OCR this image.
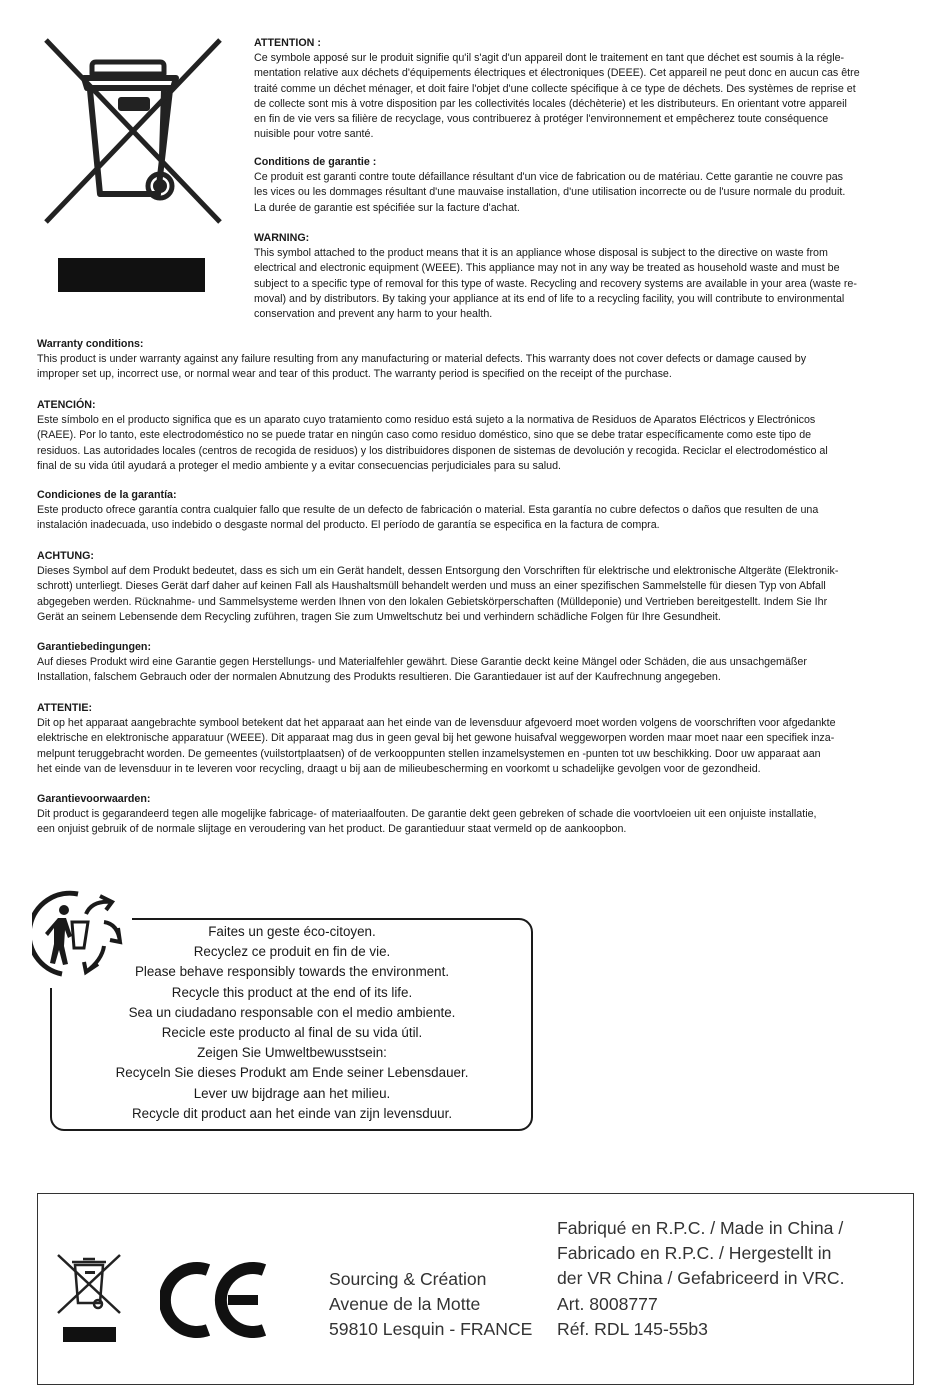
ATTENTION :

Ce symbole apposé sur le produit signifie qu'il s'agit d'un appareil dont le traitement en tant que déchet est soumis à la régle-
mentation relative aux déchets d'équipements électriques et électroniques (DEEE). Cet appareil ne peut donc en aucun cas être
traité comme un déchet ménager, et doit faire l'objet d'une collecte spécifique à ce type de déchets. Des systèmes de reprise et
de collecte sont mis à votre disposition par les collectivités locales (déchèterie) et les distributeurs. En orientant votre appareil
en fin de vie vers sa filière de recyclage, vous contribuerez à protéger l'environnement et empêcherez toute conséquence
nuisible pour votre santé.

Conditions de garantie :

Ce produit est garanti contre toute défaillance résultant d'un vice de fabrication ou de matériau. Cette garantie ne couvre pas
les vices ou les dommages résultant d'une mauvaise installation, d'une utilisation incorrecte ou de l'usure normale du produit.
La durée de garantie est spécifiée sur la facture d'achat.

WARNING:

This symbol attached to the product means that it is an appliance whose disposal is subject to the directive on waste from
electrical and electronic equipment (WEEE). This appliance may not in any way be treated as household waste and must be
subject to a specific type of removal for this type of waste. Recycling and recovery systems are available in your area (waste re-
moval) and by distributors. By taking your appliance at its end of life to a recycling facility, you will contribute to environmental
conservation and prevent any harm to your health.

Warranty conditions:

This product is under warranty against any failure resulting from any manufacturing or material defects. This warranty does not cover defects or damage caused by
improper set up, incorrect use, or normal wear and tear of this product. The warranty period is specified on the receipt of the purchase.

ATENCIÓN:

Este símbolo en el producto significa que es un aparato cuyo tratamiento como residuo está sujeto a la normativa de Residuos de Aparatos Eléctricos y Electrónicos
(RAEE). Por lo tanto, este electrodoméstico no se puede tratar en ningún caso como residuo doméstico, sino que se debe tratar específicamente como este tipo de
residuos. Las autoridades locales (centros de recogida de residuos) y los distribuidores disponen de sistemas de devolución y recogida. Reciclar el electrodoméstico al
final de su vida útil ayudará a proteger el medio ambiente y a evitar consecuencias perjudiciales para su salud.

Condiciones de la garantía:

Este producto ofrece garantía contra cualquier fallo que resulte de un defecto de fabricación o material. Esta garantía no cubre defectos o daños que resulten de una
instalación inadecuada, uso indebido o desgaste normal del producto. El período de garantía se especifica en la factura de compra.

ACHTUNG:

Dieses Symbol auf dem Produkt bedeutet, dass es sich um ein Gerät handelt, dessen Entsorgung den Vorschriften für elektrische und elektronische Altgeräte (Elektronik-
schrott) unterliegt. Dieses Gerät darf daher auf keinen Fall als Haushaltsmüll behandelt werden und muss an einer spezifischen Sammelstelle für diesen Typ von Abfall
abgegeben werden. Rücknahme- und Sammelsysteme werden Ihnen von den lokalen Gebietskörperschaften (Mülldeponie) und Vertrieben bereitgestellt. Indem Sie Ihr
Gerät an seinem Lebensende dem Recycling zuführen, tragen Sie zum Umweltschutz bei und verhindern schädliche Folgen für Ihre Gesundheit.

Garantiebedingungen:

Auf dieses Produkt wird eine Garantie gegen Herstellungs- und Materialfehler gewährt. Diese Garantie deckt keine Mängel oder Schäden, die aus unsachgemäßer
Installation, falschem Gebrauch oder der normalen Abnutzung des Produkts resultieren. Die Garantiedauer ist auf der Kaufrechnung angegeben.

ATTENTIE:

Dit op het apparaat aangebrachte symbool betekent dat het apparaat aan het einde van de levensduur afgevoerd moet worden volgens de voorschriften voor afgedankte
elektrische en elektronische apparatuur (WEEE). Dit apparaat mag dus in geen geval bij het gewone huisafval weggeworpen worden maar moet naar een specifiek inza-
melpunt teruggebracht worden. De gemeentes (vuilstortplaatsen) of de verkooppunten stellen inzamelsystemen en -punten tot uw beschikking. Door uw apparaat aan
het einde van de levensduur in te leveren voor recycling, draagt u bij aan de milieubescherming en voorkomt u schadelijke gevolgen voor de gezondheid.

Garantievoorwaarden:

Dit product is gegarandeerd tegen alle mogelijke fabricage- of materiaalfouten. De garantie dekt geen gebreken of schade die voortvloeien uit een onjuiste installatie,
een onjuist gebruik of de normale slijtage en veroudering van het product. De garantieduur staat vermeld op de aankoopbon.

Faites un geste éco-citoyen.
Recyclez ce produit en fin de vie.
Please behave responsibly towards the environment.
Recycle this product at the end of its life.
Sea un ciudadano responsable con el medio ambiente.
Recicle este producto al final de su vida útil.
Zeigen Sie Umweltbewusstsein:
Recyceln Sie dieses Produkt am Ende seiner Lebensdauer.
Lever uw bijdrage aan het milieu.
Recycle dit product aan het einde van zijn levensduur.
Sourcing & Création
Avenue de la Motte
59810 Lesquin - FRANCE
Fabriqué en R.P.C. / Made in China /
Fabricado en R.P.C. / Hergestellt in
der VR China / Gefabriceerd in VRC.
Art. 8008777
Réf. RDL 145-55b3
